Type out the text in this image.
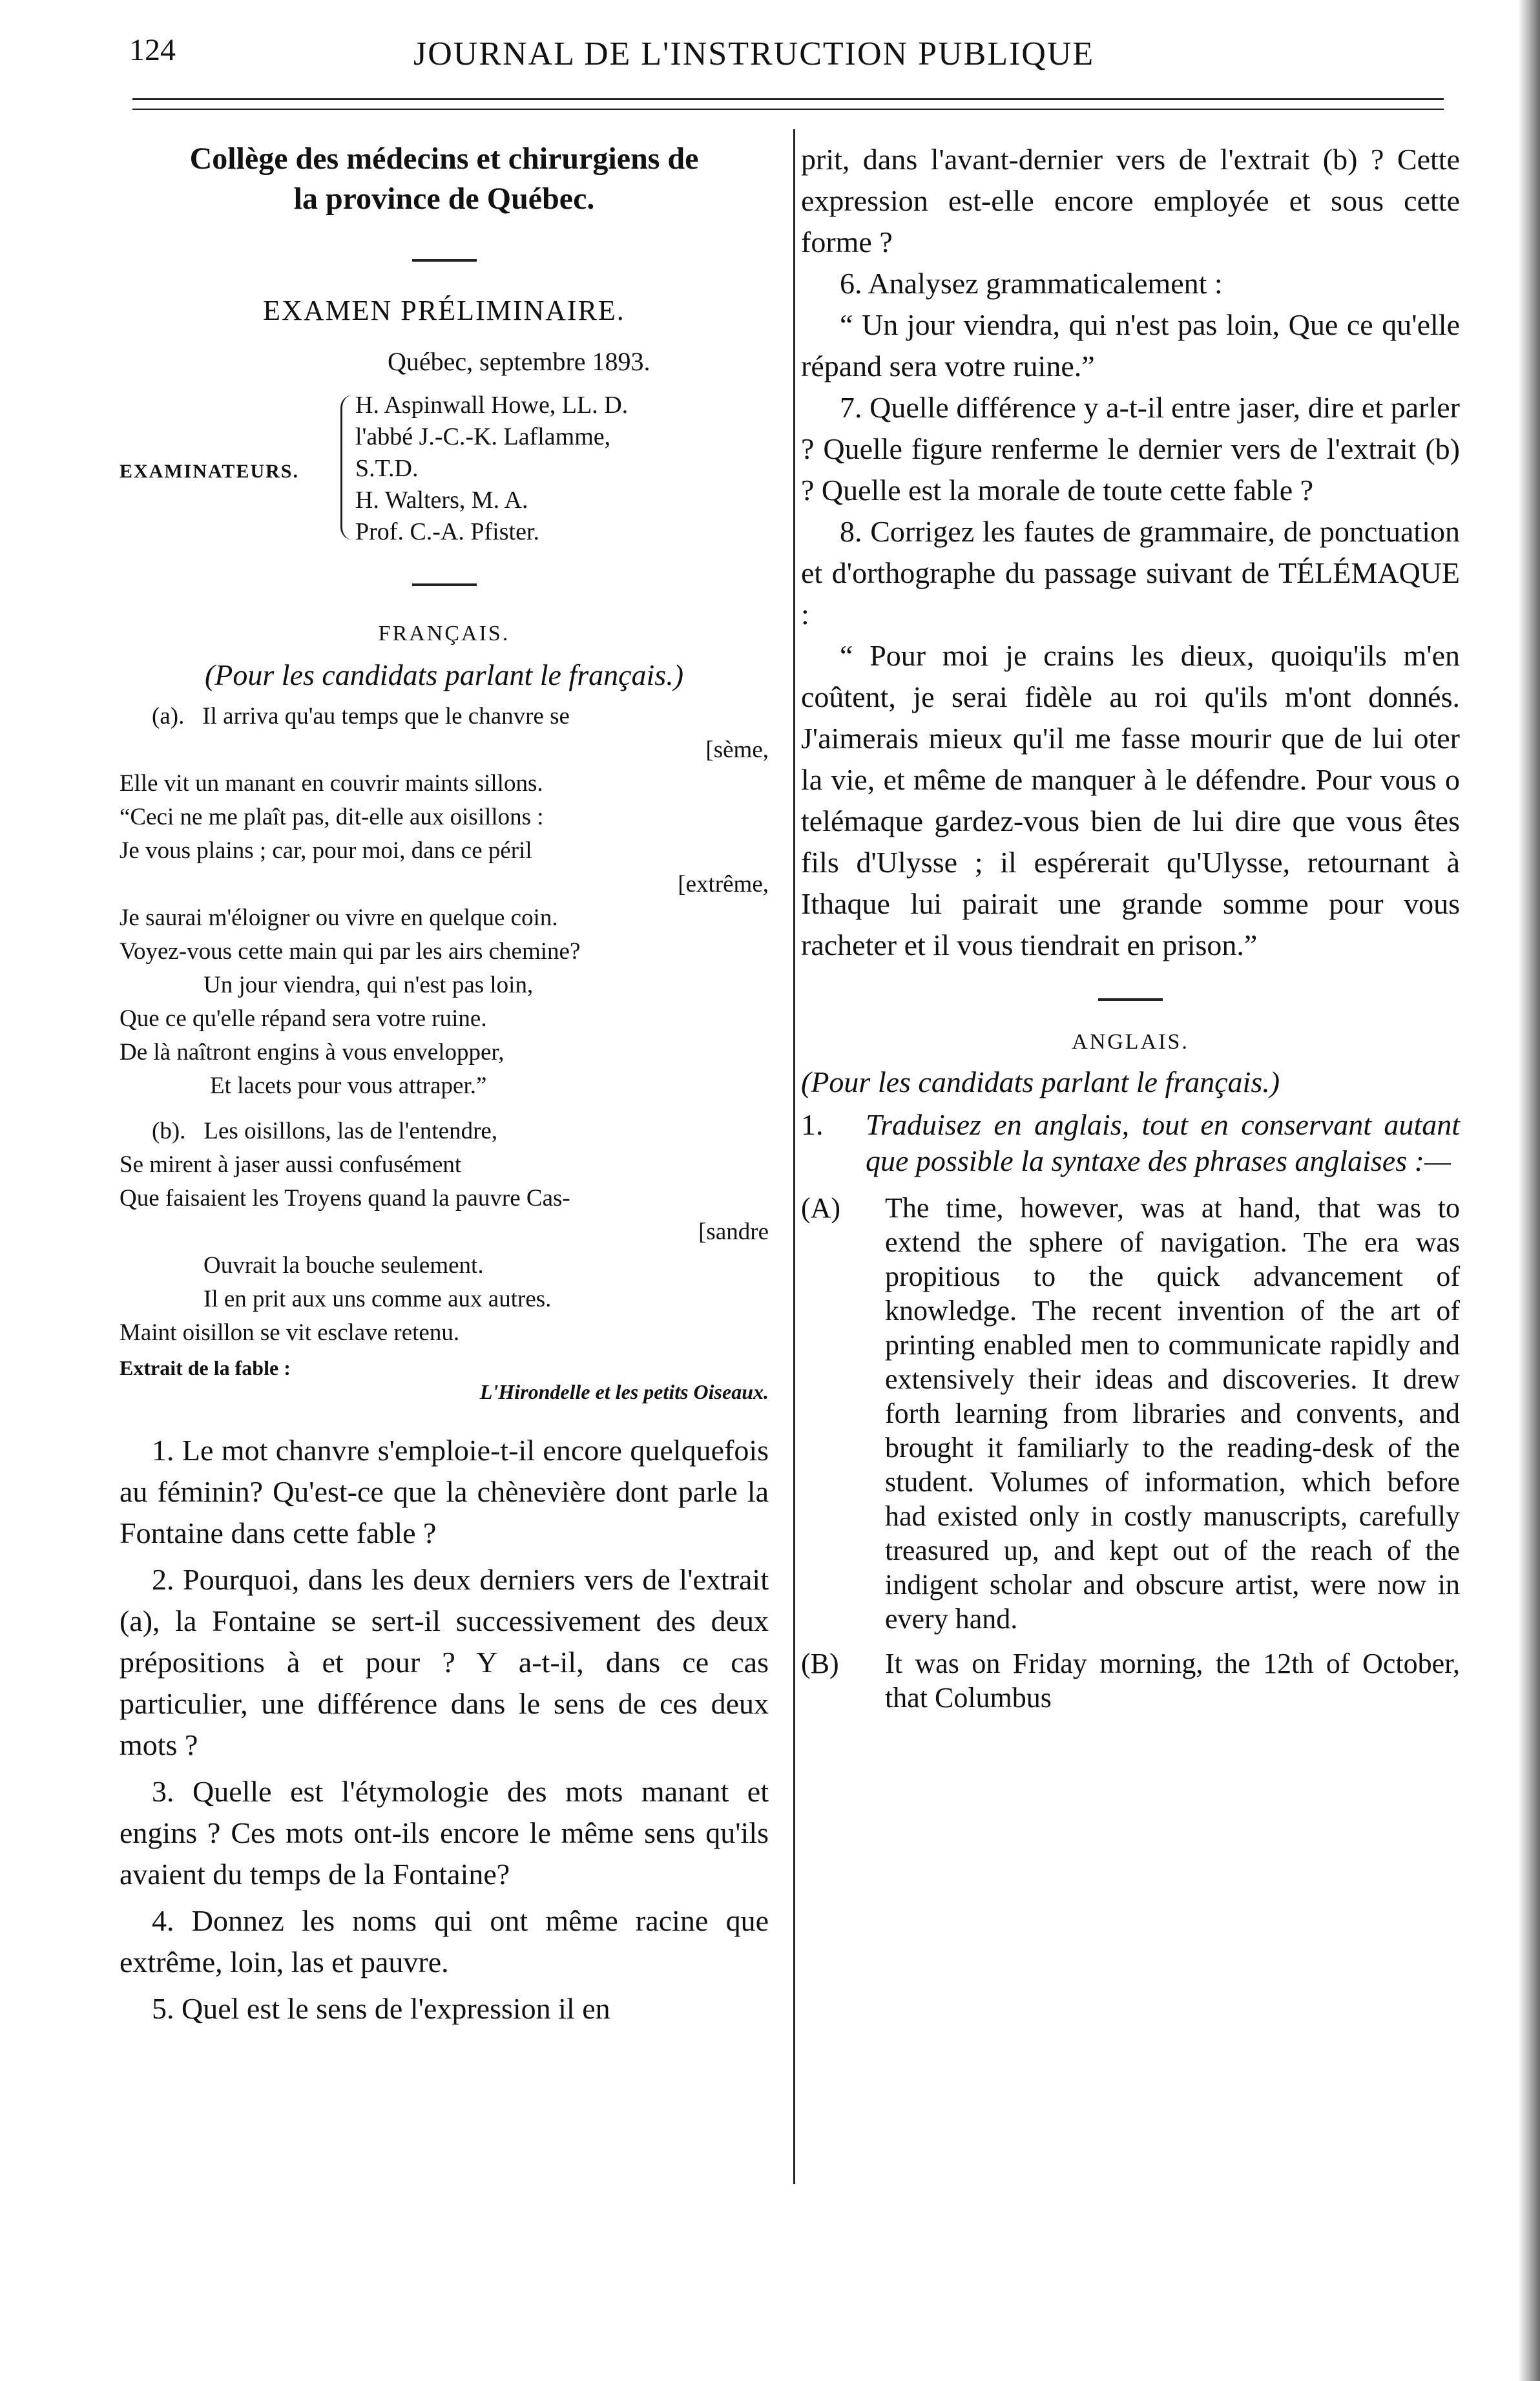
124	JOURNAL DE L'INSTRUCTION PUBLIQUE

Collège des médecins et chirurgiens de

la province de Québec.

EXAMEN PRÉLIMINAIRE.

Québec, septembre 1893.

EXAMINATEURS.
H. Aspinwall Howe, LL. D.
l'abbé J.-C.-K. Laflamme,
S.T.D.
H. Walters, M. A.
Prof. C.-A. Pfister.

FRANÇAIS.

(Pour les candidats parlant le français.)

(a). Il arriva qu'au temps que le chanvre se
[sème,
Elle vit un manant en couvrir maints sillons.
“Ceci ne me plaît pas, dit-elle aux oisillons :
Je vous plains ; car, pour moi, dans ce péril
[extrême,
Je saurai m'éloigner ou vivre en quelque coin.
Voyez-vous cette main qui par les airs chemine?
Un jour viendra, qui n'est pas loin,
Que ce qu'elle répand sera votre ruine.
De là naîtront engins à vous envelopper,
Et lacets pour vous attraper.”
(b). Les oisillons, las de l'entendre,
Se mirent à jaser aussi confusément
Que faisaient les Troyens quand la pauvre Cas-
[sandre
Ouvrait la bouche seulement.
Il en prit aux uns comme aux autres.
Maint oisillon se vit esclave retenu.

Extrait de la fable :

L'Hirondelle et les petits Oiseaux.

1. Le mot chanvre s'emploie-t-il encore quelquefois au féminin? Qu'est-ce que la chènevière dont parle la Fontaine dans cette fable ?

2. Pourquoi, dans les deux derniers vers de l'extrait (a), la Fontaine se sert-il successivement des deux prépositions à et pour ? Y a-t-il, dans ce cas particulier, une différence dans le sens de ces deux mots ?

3. Quelle est l'étymologie des mots manant et engins ? Ces mots ont-ils encore le même sens qu'ils avaient du temps de la Fontaine?

4. Donnez les noms qui ont même racine que extrême, loin, las et pauvre.

5. Quel est le sens de l'expression il en

prit, dans l'avant-dernier vers de l'extrait (b) ? Cette expression est-elle encore employée et sous cette forme ?

6. Analysez grammaticalement :

“ Un jour viendra, qui n'est pas loin, Que ce qu'elle répand sera votre ruine.”

7. Quelle différence y a-t-il entre jaser, dire et parler ? Quelle figure renferme le dernier vers de l'extrait (b) ? Quelle est la morale de toute cette fable ?

8. Corrigez les fautes de grammaire, de ponctuation et d'orthographe du passage suivant de TÉLÉMAQUE :

“ Pour moi je crains les dieux, quoiqu'ils m'en coûtent, je serai fidèle au roi qu'ils m'ont donnés. J'aimerais mieux qu'il me fasse mourir que de lui oter la vie, et même de manquer à le défendre. Pour vous o telémaque gardez-vous bien de lui dire que vous êtes fils d'Ulysse ; il espérerait qu'Ulysse, retournant à Ithaque lui pairait une grande somme pour vous racheter et il vous tiendrait en prison.”

ANGLAIS.

(Pour les candidats parlant le français.)

1.	Traduisez en anglais, tout en conservant autant que possible la syntaxe des phrases anglaises :—
(A)	The time, however, was at hand, that was to extend the sphere of navigation. The era was propitious to the quick advancement of knowledge. The recent invention of the art of printing enabled men to communicate rapidly and extensively their ideas and discoveries. It drew forth learning from libraries and convents, and brought it familiarly to the reading-desk of the student. Volumes of information, which before had existed only in costly manuscripts, carefully treasured up, and kept out of the reach of the indigent scholar and obscure artist, were now in every hand.
(B)	It was on Friday morning, the 12th of October, that Columbus
